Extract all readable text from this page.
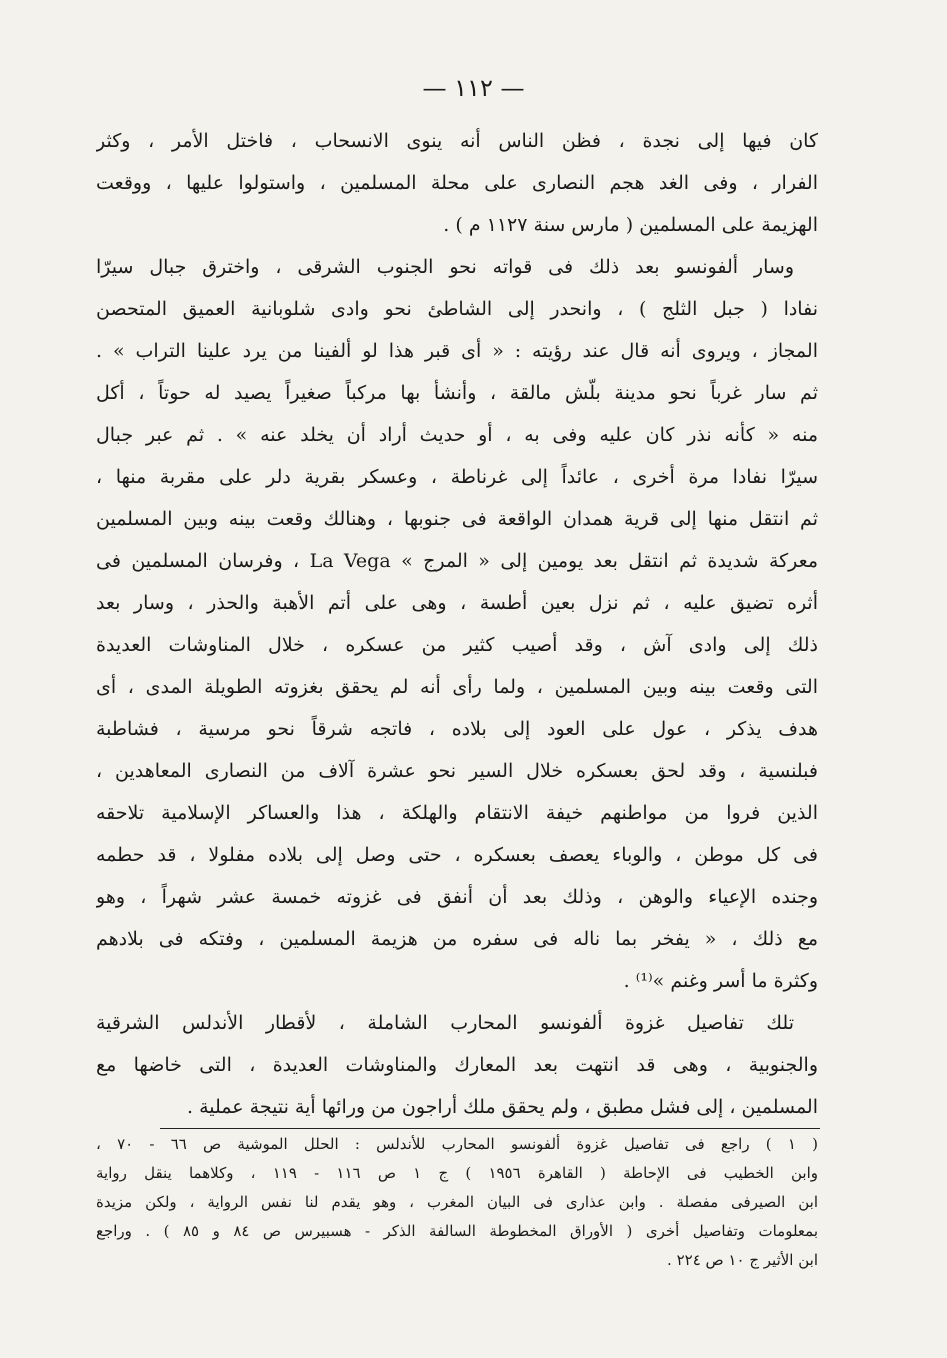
— ١١٢ —
كان فيها إلى نجدة ، فظن الناس أنه ينوى الانسحاب ، فاختل الأمر ، وكثر
الفرار ، وفى الغد هجم النصارى على محلة المسلمين ، واستولوا عليها ، ووقعت
الهزيمة على المسلمين ( مارس سنة ١١٢٧ م ) .
وسار ألفونسو بعد ذلك فى قواته نحو الجنوب الشرقى ، واخترق جبال سيرّا
نفادا ( جبل الثلج ) ، وانحدر إلى الشاطئ نحو وادى شلوبانية العميق المتحصن
المجاز ، ويروى أنه قال عند رؤيته : « أى قبر هذا لو ألفينا من يرد علينا التراب » .
ثم سار غرباً نحو مدينة بلّش مالقة ، وأنشأ بها مركباً صغيراً يصيد له حوتاً ، أكل
منه « كأنه نذر كان عليه وفى به ، أو حديث أراد أن يخلد عنه » . ثم عبر جبال
سيرّا نفادا مرة أخرى ، عائداً إلى غرناطة ، وعسكر بقرية دلر على مقربة منها ،
ثم انتقل منها إلى قرية همدان الواقعة فى جنوبها ، وهنالك وقعت بينه وبين المسلمين
معركة شديدة ثم انتقل بعد يومين إلى « المرج » La Vega ، وفرسان المسلمين فى
أثره تضيق عليه ، ثم نزل بعين أطسة ، وهى على أتم الأهبة والحذر ، وسار بعد
ذلك إلى وادى آش ، وقد أصيب كثير من عسكره ، خلال المناوشات العديدة
التى وقعت بينه وبين المسلمين ، ولما رأى أنه لم يحقق بغزوته الطويلة المدى ، أى
هدف يذكر ، عول على العود إلى بلاده ، فاتجه شرقاً نحو مرسية ، فشاطبة
فبلنسية ، وقد لحق بعسكره خلال السير نحو عشرة آلاف من النصارى المعاهدين ،
الذين فروا من مواطنهم خيفة الانتقام والهلكة ، هذا والعساكر الإسلامية تلاحقه
فى كل موطن ، والوباء يعصف بعسكره ، حتى وصل إلى بلاده مفلولا ، قد حطمه
وجنده الإعياء والوهن ، وذلك بعد أن أنفق فى غزوته خمسة عشر شهراً ، وهو
مع ذلك ، « يفخر بما ناله فى سفره من هزيمة المسلمين ، وفتكه فى بلادهم
وكثرة ما أسر وغنم »⁽¹⁾ .
تلك تفاصيل غزوة ألفونسو المحارب الشاملة ، لأقطار الأندلس الشرقية
والجنوبية ، وهى قد انتهت بعد المعارك والمناوشات العديدة ، التى خاضها مع
المسلمين ، إلى فشل مطبق ، ولم يحقق ملك أراجون من ورائها أية نتيجة عملية .
( ١ ) راجع فى تفاصيل غزوة ألفونسو المحارب للأندلس : الحلل الموشية ص ٦٦ - ٧٠ ،
وابن الخطيب فى الإحاطة ( القاهرة ١٩٥٦ ) ج ١ ص ١١٦ - ١١٩ ، وكلاهما ينقل رواية
ابن الصيرفى مفصلة . وابن عذارى فى البيان المغرب ، وهو يقدم لنا نفس الرواية ، ولكن مزيدة
بمعلومات وتفاصيل أخرى ( الأوراق المخطوطة السالفة الذكر - هسبيرس ص ٨٤ و ٨٥ ) . وراجع
ابن الأثير ج ١٠ ص ٢٢٤ .
